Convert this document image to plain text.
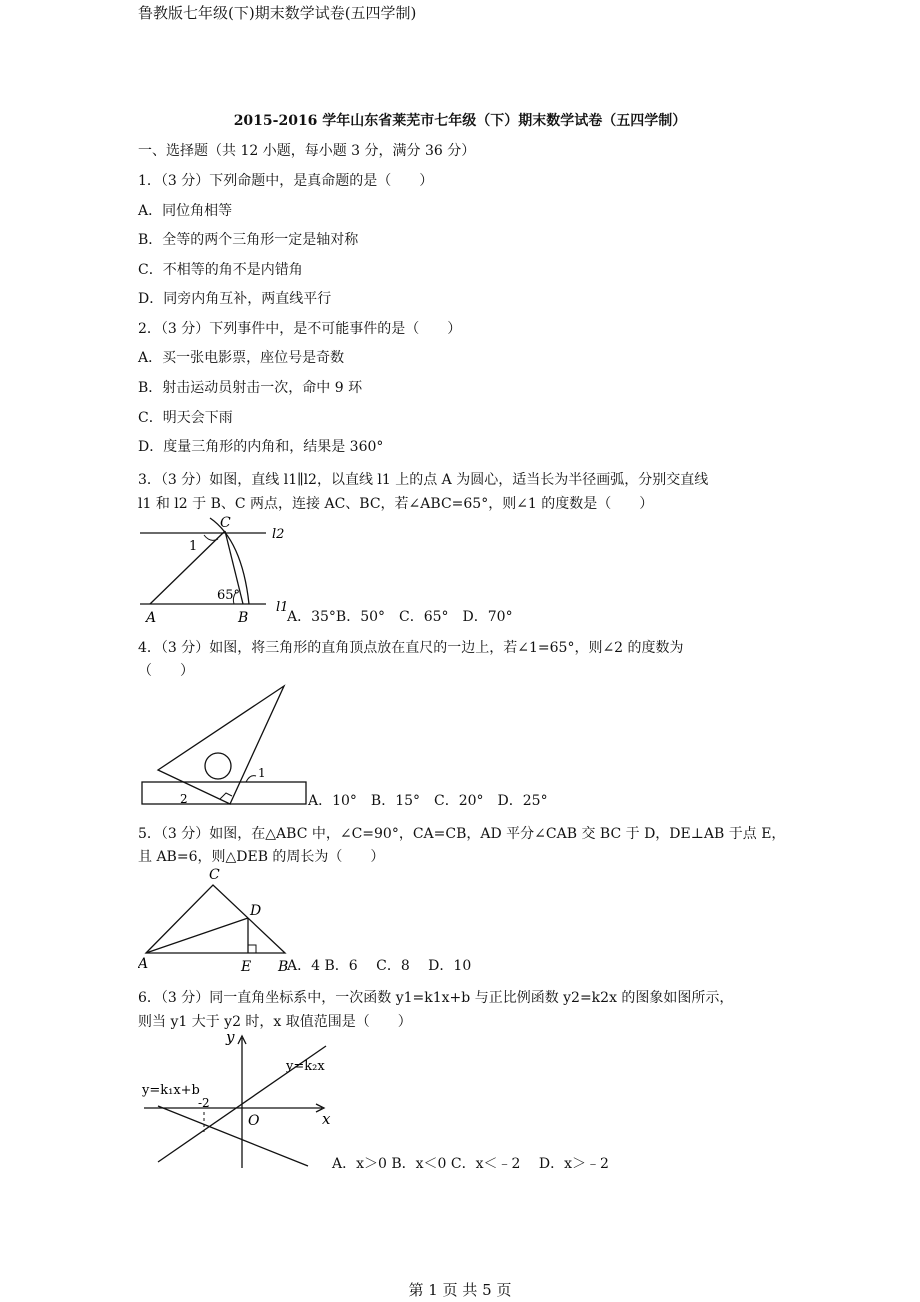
鲁教版七年级(下)期末数学试卷(五四学制)
2015-2016 学年山东省莱芜市七年级（下）期末数学试卷（五四学制）
一、选择题（共 12 小题，每小题 3 分，满分 36 分）
1．（3 分）下列命题中，是真命题的是（　　）
A．同位角相等
B．全等的两个三角形一定是轴对称
C．不相等的角不是内错角
D．同旁内角互补，两直线平行
2．（3 分）下列事件中，是不可能事件的是（　　）
A．买一张电影票，座位号是奇数
B．射击运动员射击一次，命中 9 环
C．明天会下雨
D．度量三角形的内角和，结果是 360°
3．（3 分）如图，直线 l1∥l2，以直线 l1 上的点 A 为圆心，适当长为半径画弧，分别交直线
l1 和 l2 于 B、C 两点，连接 AC、BC，若∠ABC=65°，则∠1 的度数是（　　）
C
l2
1
65°
A	B
l1
A．35°B．50°　C．65°　D．70°
4．（3 分）如图，将三角形的直角顶点放在直尺的一边上，若∠1=65°，则∠2 的度数为
（　　）
1
2	A．10°　B．15°　C．20°　D．25°
5．（3 分）如图，在△ABC 中，∠C=90°，CA=CB，AD 平分∠CAB 交 BC 于 D，DE⊥AB 于点 E，
且 AB=6，则△DEB 的周长为（　　）
C
D
A	E B
A．4 B．6　 C．8　 D．10
6．（3 分）同一直角坐标系中，一次函数 y1=k1x+b 与正比例函数 y2=k2x 的图象如图所示，
则当 y1 大于 y2 时，x 取值范围是（　　）
y
x
O
-2
y=k₁x+b
y=k₂x
A．x＞0 B．x＜0 C．x＜﹣2　 D．x＞﹣2
第 1 页 共 5 页
